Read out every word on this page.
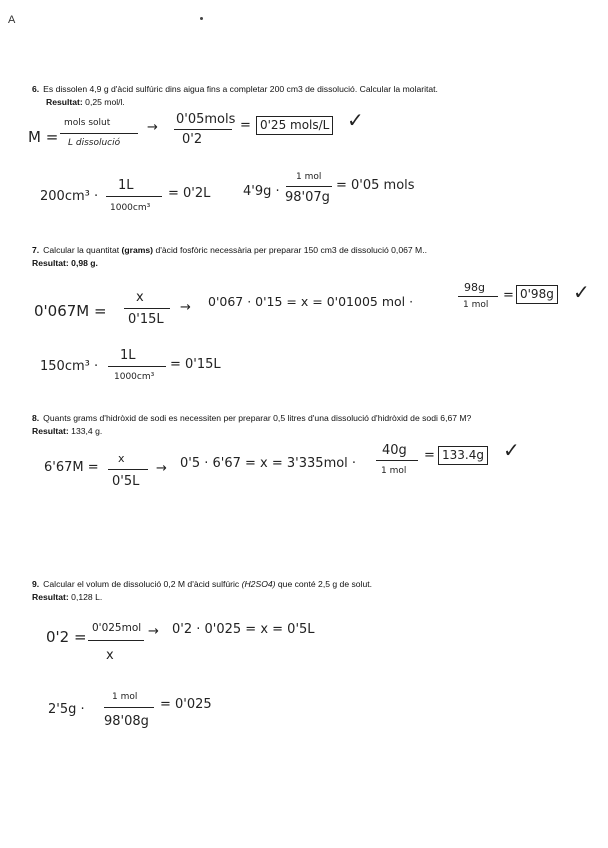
A
6. Es dissolen 4,9 g d'àcid sulfúric dins aigua fins a completar 200 cm3 de dissolució. Calcular la molaritat.
Resultat: 0,25 mol/l.
M =
mols solut
L dissolució
→
0'05mols
0'2
= 0'25 mols/L ✓
200cm³ ·
1L
1000cm³
= 0'2L	4'9g ·
1 mol
98'07g
= 0'05 mols
7. Calcular la quantitat (grams) d'àcid fosfòric necessària per preparar 150 cm3 de dissolució 0,067 M.. Resultat: 0,98 g.
0'067M =
x
0'15L
→ 0'067 · 0'15 = x = 0'01005 mol ·
98g
1 mol
= 0'98g ✓
150cm³ ·
1L
1000cm³
= 0'15L
8. Quants grams d'hidròxid de sodi es necessiten per preparar 0,5 litres d'una dissolució d'hidròxid de sodi 6,67 M? Resultat: 133,4 g.
6'67M =
x
0'5L
→ 0'5 · 6'67 = x = 3'335mol ·
40g
1 mol
= 133.4g ✓
9. Calcular el volum de dissolució 0,2 M d'àcid sulfúric (H2SO4) que conté 2,5 g de solut.
Resultat: 0,128 L.
0'2 = 0'025mol
x
→ 0'2 · 0'025 = x = 0'5L
2'5g ·
1 mol
98'08g
= 0'025
